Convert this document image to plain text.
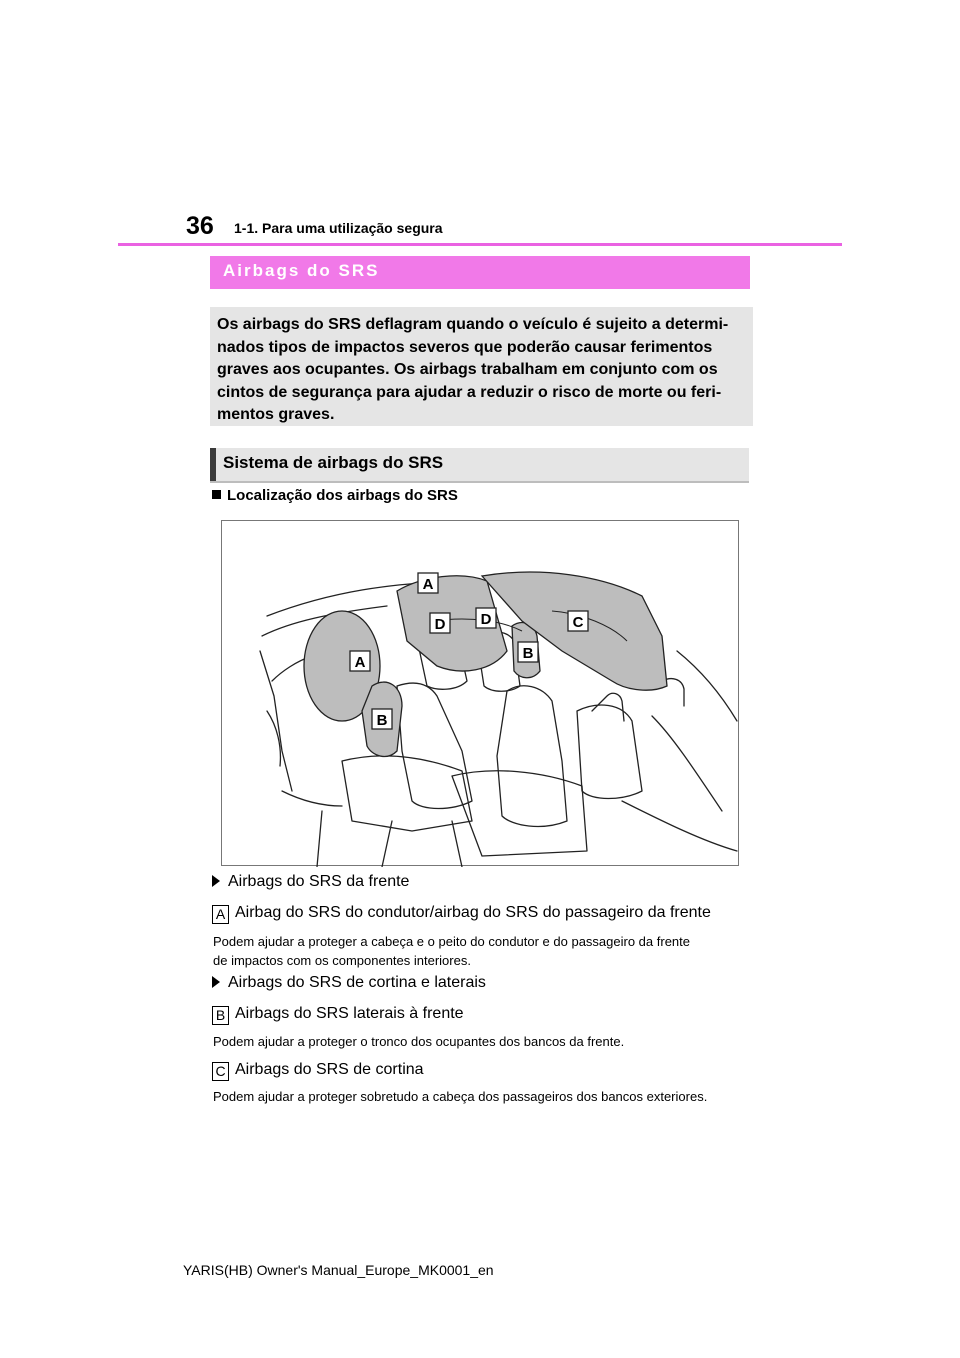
36 1-1. Para uma utilização segura
Airbags do SRS
Os airbags do SRS deflagram quando o veículo é sujeito a determi-
nados tipos de impactos severos que poderão causar ferimentos
graves aos ocupantes. Os airbags trabalham em conjunto com os
cintos de segurança para ajudar a reduzir o risco de morte ou feri-
mentos graves.
Sistema de airbags do SRS
Localização dos airbags do SRS
A
A
B
B
C
D D
Airbags do SRS da frente
A Airbag do SRS do condutor/airbag do SRS do passageiro da frente
Podem ajudar a proteger a cabeça e o peito do condutor e do passageiro da frente
de impactos com os componentes interiores.
Airbags do SRS de cortina e laterais
B Airbags do SRS laterais à frente
Podem ajudar a proteger o tronco dos ocupantes dos bancos da frente.
C Airbags do SRS de cortina
Podem ajudar a proteger sobretudo a cabeça dos passageiros dos bancos exteriores.
YARIS(HB) Owner's Manual_Europe_MK0001_en
